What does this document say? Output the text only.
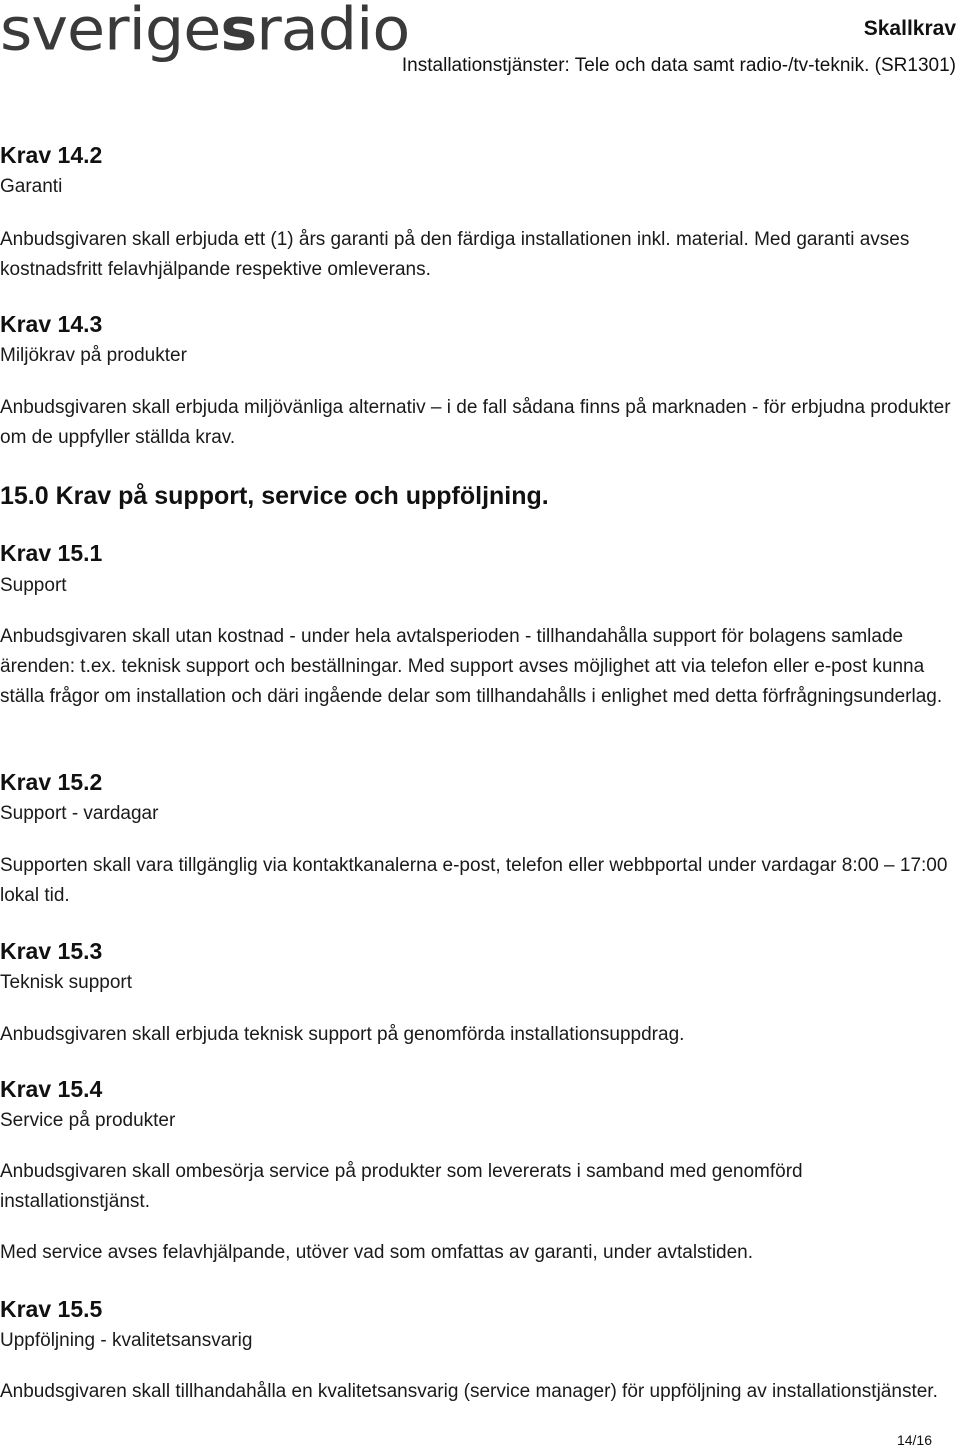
sverigesradio	Skallkrav
Installationstjänster: Tele och data samt radio-/tv-teknik. (SR1301)
Krav 14.2
Garanti
Anbudsgivaren skall erbjuda ett (1) års garanti på den färdiga installationen inkl. material. Med garanti avses kostnadsfritt felavhjälpande respektive omleverans.
Krav 14.3
Miljökrav på produkter
Anbudsgivaren skall erbjuda miljövänliga alternativ – i de fall sådana finns på marknaden - för erbjudna produkter om de uppfyller ställda krav.
15.0 Krav på support, service och uppföljning.
Krav 15.1
Support
Anbudsgivaren skall utan kostnad - under hela avtalsperioden - tillhandahålla support för bolagens samlade ärenden: t.ex. teknisk support och beställningar. Med support avses möjlighet att via telefon eller e-post kunna ställa frågor om installation och däri ingående delar som tillhandahålls i enlighet med detta förfrågningsunderlag.
Krav 15.2
Support - vardagar
Supporten skall vara tillgänglig via kontaktkanalerna e-post, telefon eller webbportal under vardagar 8:00 – 17:00 lokal tid.
Krav 15.3
Teknisk support
Anbudsgivaren skall erbjuda teknisk support på genomförda installationsuppdrag.
Krav 15.4
Service på produkter
Anbudsgivaren skall ombesörja service på produkter som levererats i samband med genomförd installationstjänst.
Med service avses felavhjälpande, utöver vad som omfattas av garanti, under avtalstiden.
Krav 15.5
Uppföljning - kvalitetsansvarig
Anbudsgivaren skall tillhandahålla en kvalitetsansvarig (service manager) för uppföljning av installationstjänster.
14/16
